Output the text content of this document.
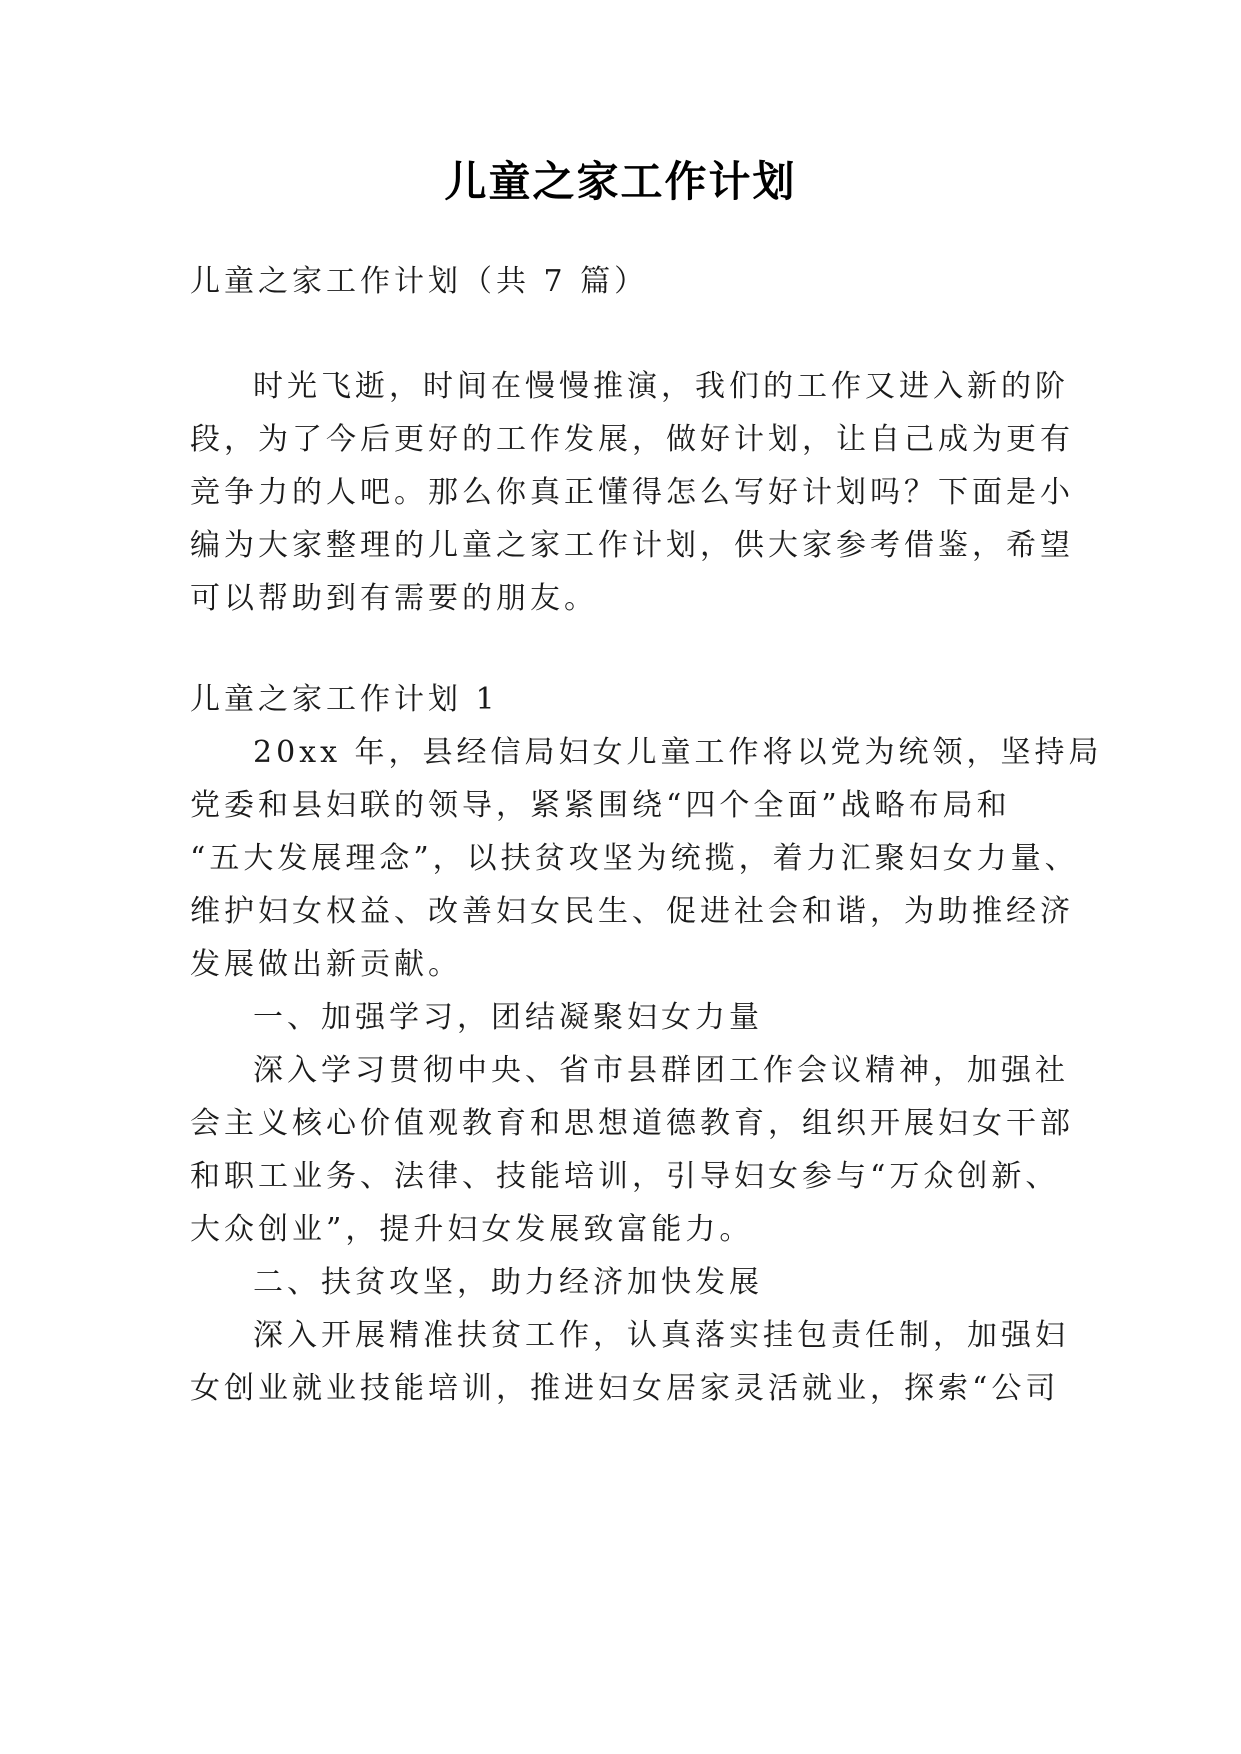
儿童之家工作计划
儿童之家工作计划（共 7 篇）
时光飞逝，时间在慢慢推演，我们的工作又进入新的阶
段，为了今后更好的工作发展，做好计划，让自己成为更有
竞争力的人吧。那么你真正懂得怎么写好计划吗？下面是小
编为大家整理的儿童之家工作计划，供大家参考借鉴，希望
可以帮助到有需要的朋友。
儿童之家工作计划 1
20xx 年，县经信局妇女儿童工作将以党为统领，坚持局
党委和县妇联的领导，紧紧围绕“四个全面”战略布局和
“五大发展理念”，以扶贫攻坚为统揽，着力汇聚妇女力量、
维护妇女权益、改善妇女民生、促进社会和谐，为助推经济
发展做出新贡献。
一、加强学习，团结凝聚妇女力量
深入学习贯彻中央、省市县群团工作会议精神，加强社
会主义核心价值观教育和思想道德教育，组织开展妇女干部
和职工业务、法律、技能培训，引导妇女参与“万众创新、
大众创业”，提升妇女发展致富能力。
二、扶贫攻坚，助力经济加快发展
深入开展精准扶贫工作，认真落实挂包责任制，加强妇
女创业就业技能培训，推进妇女居家灵活就业，探索“公司
